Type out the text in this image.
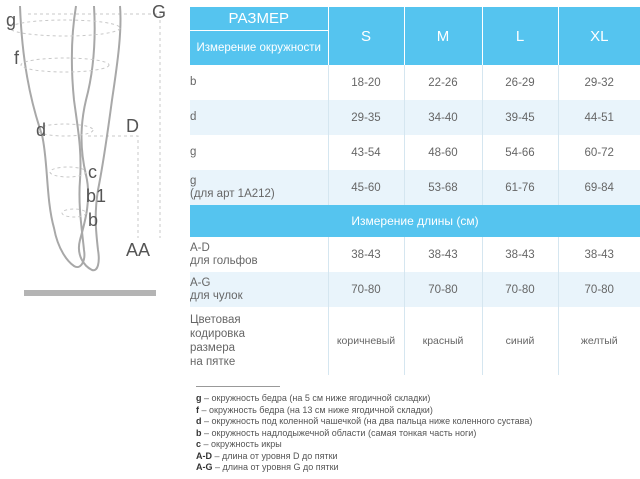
g	G
f
d	D
c
b1
b
AA
РАЗМЕР	S	M	L	XL
Измерение окружности				
b	18-20	22-26	26-29	29-32
d	29-35	34-40	39-45	44-51
g	43-54	48-60	54-66	60-72
g
(для арт 1А212)	45-60	53-68	61-76	69-84
Измерение длины (см)				
A-D
для гольфов	38-43	38-43	38-43	38-43
A-G
для чулок	70-80	70-80	70-80	70-80
Цветовая
кодировка
размера
на пятке	коричневый	красный	синий	желтый
g – окружность бедра (на 5 см ниже ягодичной складки)
f – окружность бедра (на 13 см ниже ягодичной складки)
d – окружность под коленной чашечкой (на два пальца ниже коленного сустава)
b – окружность надлодыжечной области (самая тонкая часть ноги)
c – окружность икры
A-D – длина от уровня D до пятки
A-G – длина от уровня G до пятки
